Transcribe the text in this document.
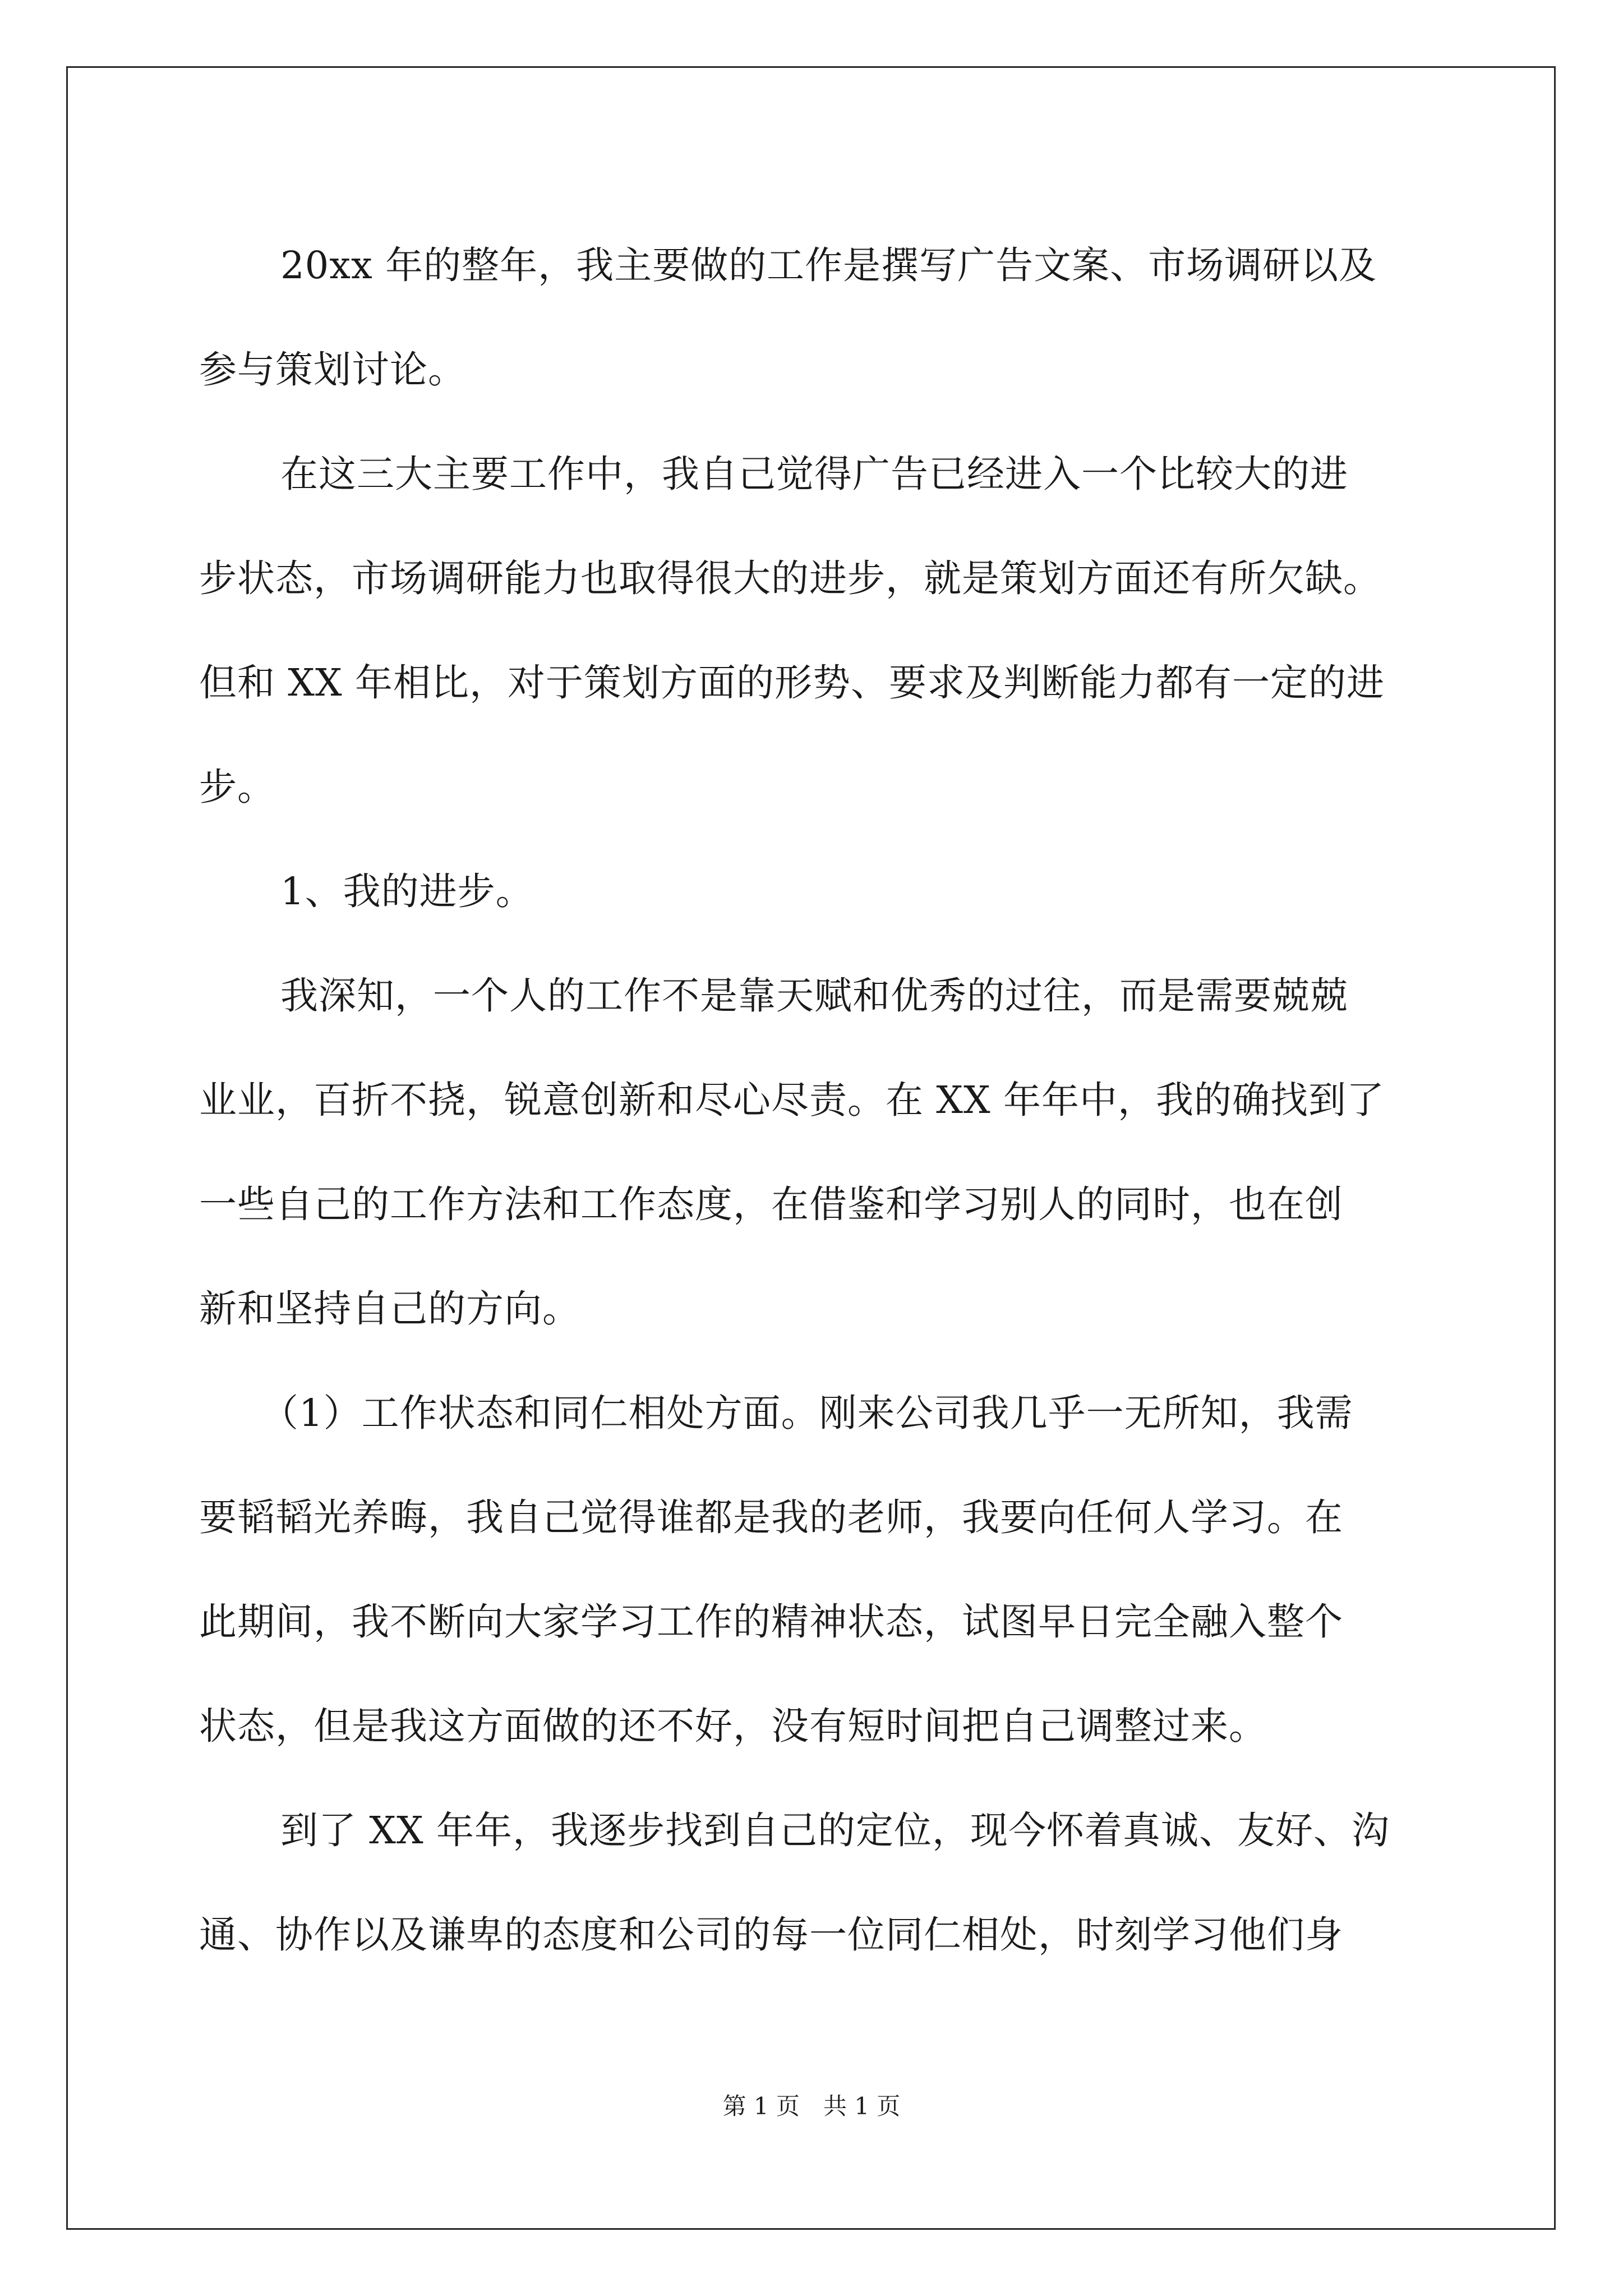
20xx 年的整年，我主要做的工作是撰写广告文案、市场调研以及
参与策划讨论。
在这三大主要工作中，我自己觉得广告已经进入一个比较大的进
步状态，市场调研能力也取得很大的进步，就是策划方面还有所欠缺。
但和 XX 年相比，对于策划方面的形势、要求及判断能力都有一定的进
步。
1、我的进步。
我深知，一个人的工作不是靠天赋和优秀的过往，而是需要兢兢
业业，百折不挠，锐意创新和尽心尽责。在 XX 年年中，我的确找到了
一些自己的工作方法和工作态度，在借鉴和学习别人的同时，也在创
新和坚持自己的方向。
（1）工作状态和同仁相处方面。刚来公司我几乎一无所知，我需
要韬韬光养晦，我自己觉得谁都是我的老师，我要向任何人学习。在
此期间，我不断向大家学习工作的精神状态，试图早日完全融入整个
状态，但是我这方面做的还不好，没有短时间把自己调整过来。
到了 XX 年年，我逐步找到自己的定位，现今怀着真诚、友好、沟
通、协作以及谦卑的态度和公司的每一位同仁相处，时刻学习他们身
第 1 页　共 1 页
